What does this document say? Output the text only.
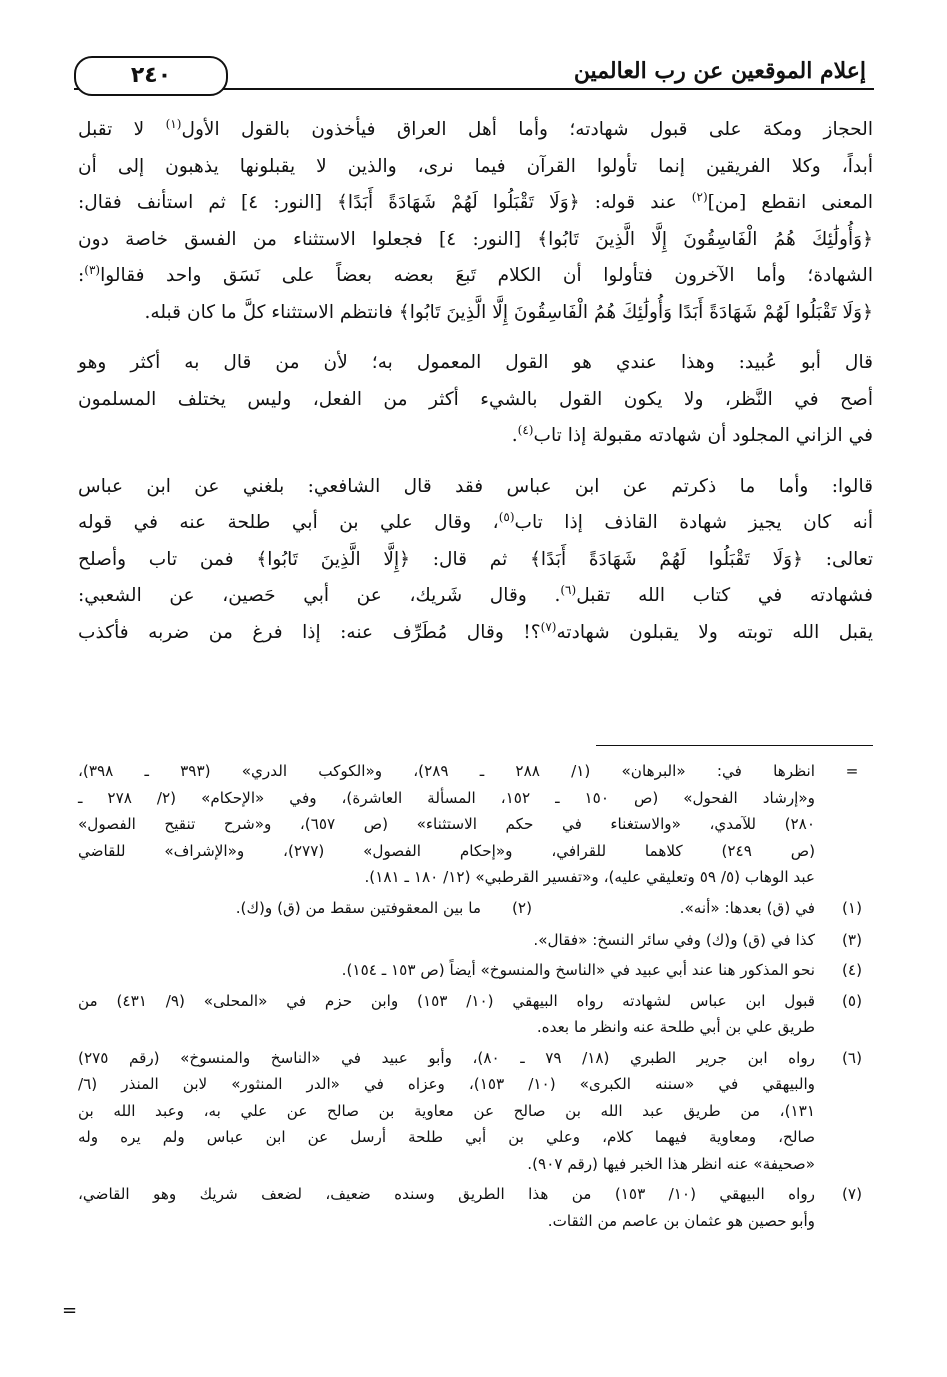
إعلام الموقعين عن رب العالمين
٢٤٠

الحجاز ومكة على قبول شهادته؛ وأما أهل العراق فيأخذون بالقول الأول$^{(١)}$ لا تقبل
أبداً، وكلا الفريقين إنما تأولوا القرآن فيما نرى، والذين لا يقبلونها يذهبون إلى أن
المعنى انقطع [من]$^{(٢)}$ عند قوله: ﴿وَلَا تَقْبَلُوا لَهُمْ شَهَادَةً أَبَدًا﴾ [النور: ٤] ثم استأنف فقال:
﴿وَأُولَٰئِكَ هُمُ الْفَاسِقُونَ إِلَّا الَّذِينَ تَابُوا﴾ [النور: ٤] فجعلوا الاستثناء من الفسق خاصة دون
الشهادة؛ وأما الآخرون فتأولوا أن الكلام تَبعَ بعضه بعضاً على نَسَق واحد فقالوا$^{(٣)}$:
﴿وَلَا تَقْبَلُوا لَهُمْ شَهَادَةً أَبَدًا وَأُولَٰئِكَ هُمُ الْفَاسِقُونَ إِلَّا الَّذِينَ تَابُوا﴾ فانتظم الاستثناء كلَّ ما كان قبله.

قال أبو عُبيد: وهذا عندي هو القول المعمول به؛ لأن من قال به أكثر وهو
أصح في النَّظر، ولا يكون القول بالشيء أكثر من الفعل، وليس يختلف المسلمون
في الزاني المجلود أن شهادته مقبولة إذا تاب$^{(٤)}$.

قالوا: وأما ما ذكرتم عن ابن عباس فقد قال الشافعي: بلغني عن ابن عباس
أنه كان يجيز شهادة القاذف إذا تاب$^{(٥)}$، وقال علي بن أبي طلحة عنه في قوله
تعالى: ﴿وَلَا تَقْبَلُوا لَهُمْ شَهَادَةً أَبَدًا﴾ ثم قال: ﴿إِلَّا الَّذِينَ تَابُوا﴾ فمن تاب وأصلح
فشهادته في كتاب الله تقبل$^{(٦)}$. وقال شَريك، عن أبي حَصين، عن الشعبي:
يقبل الله توبته ولا يقبلون شهادته$^{(٧)}$؟! وقال مُطَرِّف عنه: إذا فرغ من ضربه فأكذب

=
انظرها في: «البرهان» (١/ ٢٨٨ ـ ٢٨٩)، و«الكوكب الدري» (٣٩٣ ـ ٣٩٨)،
و«إرشاد الفحول» (ص ١٥٠ ـ ١٥٢، المسألة العاشرة)، وفي «الإحكام» (٢/ ٢٧٨ ـ
٢٨٠) للآمدي، «والاستغناء في حكم الاستثناء» (ص ٦٥٧)، و«شرح تنقيح الفصول»
(ص ٢٤٩) كلاهما للقرافي، و«إحكام الفصول» (٢٧٧)، و«الإشراف» للقاضي
عبد الوهاب (٥/ ٥٩ وتعليقي عليه)، و«تفسير القرطبي» (١٢/ ١٨٠ ـ ١٨١).
(١)
في (ق) بعدها: «أنه».
(٢)
ما بين المعقوفتين سقط من (ق) و(ك).
(٣)
كذا في (ق) و(ك) وفي سائر النسخ: «فقال».
(٤)
نحو المذكور هنا عند أبي عبيد في «الناسخ والمنسوخ» أيضاً (ص ١٥٣ ـ ١٥٤).
(٥)
قبول ابن عباس لشهادته رواه البيهقي (١٠/ ١٥٣) وابن حزم في «المحلى» (٩/ ٤٣١) من
طريق علي بن أبي طلحة عنه وانظر ما بعده.
(٦)
رواه ابن جرير الطبري (١٨/ ٧٩ ـ ٨٠)، وأبو عبيد في «الناسخ والمنسوخ» (رقم ٢٧٥)
والبيهقي في «سننه الكبرى» (١٠/ ١٥٣)، وعزاه في «الدر المنثور» لابن المنذر (٦/
١٣١)، من طريق عبد الله بن صالح عن معاوية بن صالح عن علي به، وعبد الله بن
صالح، ومعاوية فيهما كلام، وعلي بن أبي طلحة أرسل عن ابن عباس ولم يره وله
«صحيفة» عنه انظر هذا الخبر فيها (رقم ٩٠٧).
(٧)
رواه البيهقي (١٠/ ١٥٣) من هذا الطريق وسنده ضعيف، لضعف شريك وهو القاضي،
وأبو حصين هو عثمان بن عاصم من الثقات.
=
